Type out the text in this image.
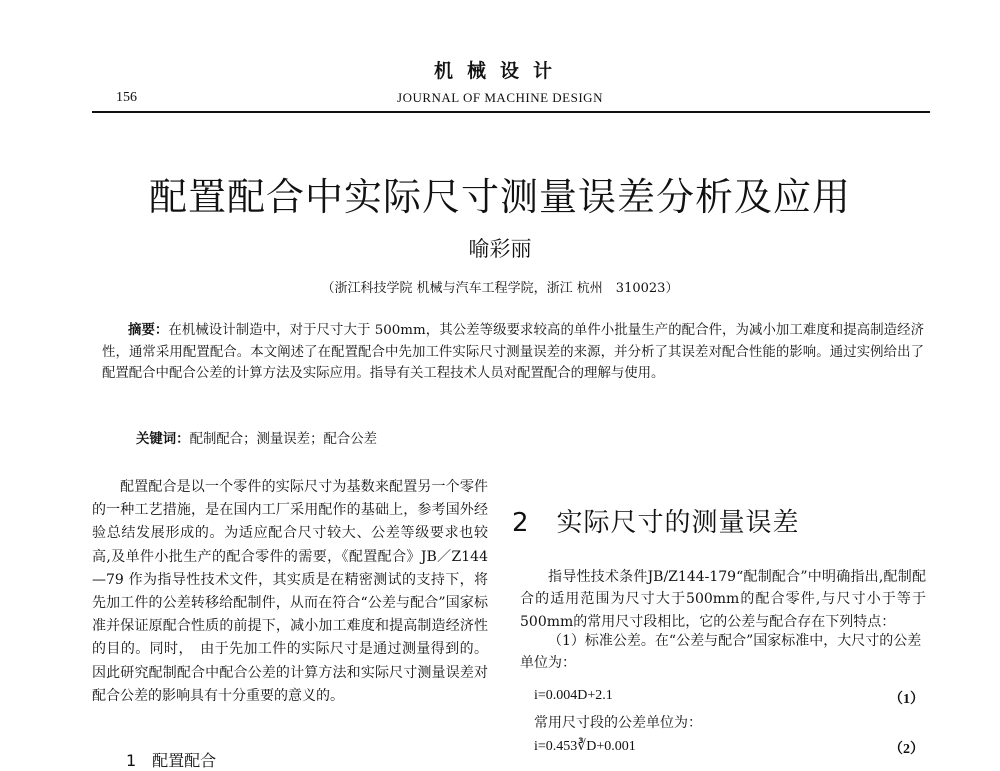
机械设计
156	JOURNAL OF MACHINE DESIGN
配置配合中实际尺寸测量误差分析及应用
喻彩丽
（浙江科技学院 机械与汽车工程学院，浙江 杭州　310023）
摘要：在机械设计制造中，对于尺寸大于 500mm，其公差等级要求较高的单件小批量生产的配合件，为减小加工难度和提高制造经济性，通常采用配置配合。本文阐述了在配置配合中先加工件实际尺寸测量误差的来源，并分析了其误差对配合性能的影响。通过实例给出了配置配合中配合公差的计算方法及实际应用。指导有关工程技术人员对配置配合的理解与使用。
关键词：配制配合；测量误差；配合公差
配置配合是以一个零件的实际尺寸为基数来配置另一个零件的一种工艺措施，是在国内工厂采用配作的基础上，参考国外经验总结发展形成的。为适应配合尺寸较大、公差等级要求也较高,及单件小批生产的配合零件的需要，《配置配合》JB／Z144—79 作为指导性技术文件，其实质是在精密测试的支持下，将先加工件的公差转移给配制件，从而在符合“公差与配合”国家标准并保证原配合性质的前提下，减小加工难度和提高制造经济性的目的。同时，　由于先加工件的实际尺寸是通过测量得到的。因此研究配制配合中配合公差的计算方法和实际尺寸测量误差对配合公差的影响具有十分重要的意义的。
1　配置配合
2　实际尺寸的测量误差
指导性技术条件JB/Z144-179“配制配合”中明确指出,配制配合的适用范围为尺寸大于500mm的配合零件,与尺寸小于等于500mm的常用尺寸段相比，它的公差与配合存在下列特点：
（1）标准公差。在“公差与配合”国家标准中，大尺寸的公差单位为：
i=0.004D+2.1	（1）
常用尺寸段的公差单位为：
i=0.453∛D+0.001	（2）
